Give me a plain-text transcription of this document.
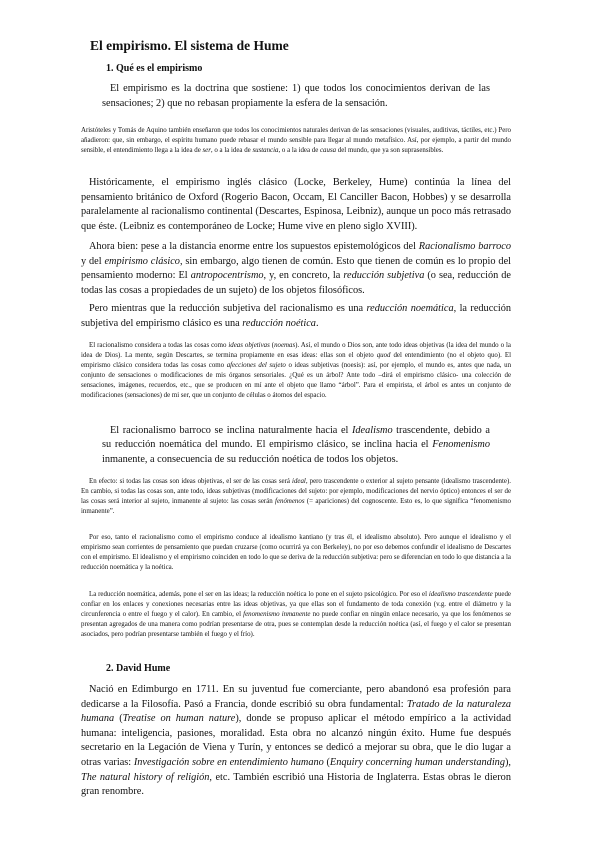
El empirismo. El sistema de Hume
1. Qué es el empirismo

El empirismo es la doctrina que sostiene: 1) que todos los conocimientos derivan de las sensaciones; 2) que no rebasan propiamente la esfera de la sensación.

Aristóteles y Tomás de Aquino también enseñaron que todos los conocimientos naturales derivan de las sensaciones (visuales, auditivas, táctiles, etc.) Pero añadieron: que, sin embargo, el espíritu humano puede rebasar el mundo sensible para llegar al mundo metafísico. Así, por ejemplo, a partir del mundo sensible, el entendimiento llega a la idea de ser, o a la idea de sustancia, o a la idea de causa del mundo, que ya son suprasensibles.

Históricamente, el empirismo inglés clásico (Locke, Berkeley, Hume) continúa la línea del pensamiento británico de Oxford (Rogerio Bacon, Occam, El Canciller Bacon, Hobbes) y se desarrolla paralelamente al racionalismo continental (Descartes, Espinosa, Leibniz), aunque un poco más retrasado que éste. (Leibniz es contemporáneo de Locke; Hume vive en pleno siglo XVIII).

Ahora bien: pese a la distancia enorme entre los supuestos epistemológicos del Racionalismo barroco y del empirismo clásico, sin embargo, algo tienen de común. Esto que tienen de común es lo propio del pensamiento moderno: El antropocentrismo, y, en concreto, la reducción subjetiva (o sea, reducción de todas las cosas a propiedades de un sujeto) de los objetos filosóficos.

Pero mientras que la reducción subjetiva del racionalismo es una reducción noemática, la reducción subjetiva del empirismo clásico es una reducción noética.

El racionalismo considera a todas las cosas como ideas objetivas (noemas). Así, el mundo o Dios son, ante todo ideas objetivas (la idea del mundo o la idea de Dios). La mente, según Descartes, se termina propiamente en esas ideas: ellas son el objeto quod del entendimiento (no el objeto quo). El empirismo clásico considera todas las cosas como afecciones del sujeto o ideas subjetivas (noesis): así, por ejemplo, el mundo es, antes que nada, un conjunto de sensaciones o modificaciones de mis órganos sensoriales. ¿Qué es un árbol? Ante todo –dirá el empirismo clásico- una colección de sensaciones, imágenes, recuerdos, etc., que se producen en mí ante el objeto que llamo “árbol”. Para el empirista, el árbol es antes un conjunto de modificaciones (sensaciones) de mi ser, que un conjunto de células o átomos del espacio.

El racionalismo barroco se inclina naturalmente hacia el Idealismo trascendente, debido a su reducción noemática del mundo. El empirismo clásico, se inclina hacia el Fenomenismo inmanente, a consecuencia de su reducción noética de todos los objetos.

En efecto: si todas las cosas son ideas objetivas, el ser de las cosas será ideal, pero trascendente o exterior al sujeto pensante (idealismo trascendente). En cambio, si todas las cosas son, ante todo, ideas subjetivas (modificaciones del sujeto: por ejemplo, modificaciones del nervio óptico) entonces el ser de las cosas será interior al sujeto, inmanente al sujeto: las cosas serán fenómenos (= apariciones) del cognoscente. Esto es, lo que significa “fenomenismo inmanente”.

Por eso, tanto el racionalismo como el empirismo conduce al idealismo kantiano (y tras él, el idealismo absoluto). Pero aunque el idealismo y el empirismo sean corrientes de pensamiento que puedan cruzarse (como ocurrirá ya con Berkeley), no por eso debemos confundir el idealismo de Descartes con el empirismo. El idealismo y el empirismo coinciden en todo lo que se deriva de la reducción subjetiva: pero se diferencian en todo lo que distancia a la reducción noemática y la noética.

La reducción noemática, además, pone el ser en las ideas; la reducción noética lo pone en el sujeto psicológico. Por eso el idealismo trascendente puede confiar en los enlaces y conexiones necesarias entre las ideas objetivas, ya que ellas son el fundamento de toda conexión (v.g. entre el diámetro y la circunferencia o entre el fuego y el calor). En cambio, el fenomenismo inmanente no puede confiar en ningún enlace necesario, ya que los fenómenos se presentan agregados de una manera como podrían presentarse de otra, pues se contemplan desde la reducción noética (así, el fuego y el calor se presentan asociados, pero podrían presentarse también el fuego y el frío).

2. David Hume

Nació en Edimburgo en 1711. En su juventud fue comerciante, pero abandonó esa profesión para dedicarse a la Filosofía. Pasó a Francia, donde escribió su obra fundamental: Tratado de la naturaleza humana (Treatise on human nature), donde se propuso aplicar el método empírico a la actividad humana: inteligencia, pasiones, moralidad. Esta obra no alcanzó ningún éxito. Hume fue después secretario en la Legación de Viena y Turín, y entonces se dedicó a mejorar su obra, que le dio lugar a otras varias: Investigación sobre en entendimiento humano (Enquiry concerning human understanding), The natural history of religión, etc. También escribió una Historia de Inglaterra. Estas obras le dieron gran renombre.
